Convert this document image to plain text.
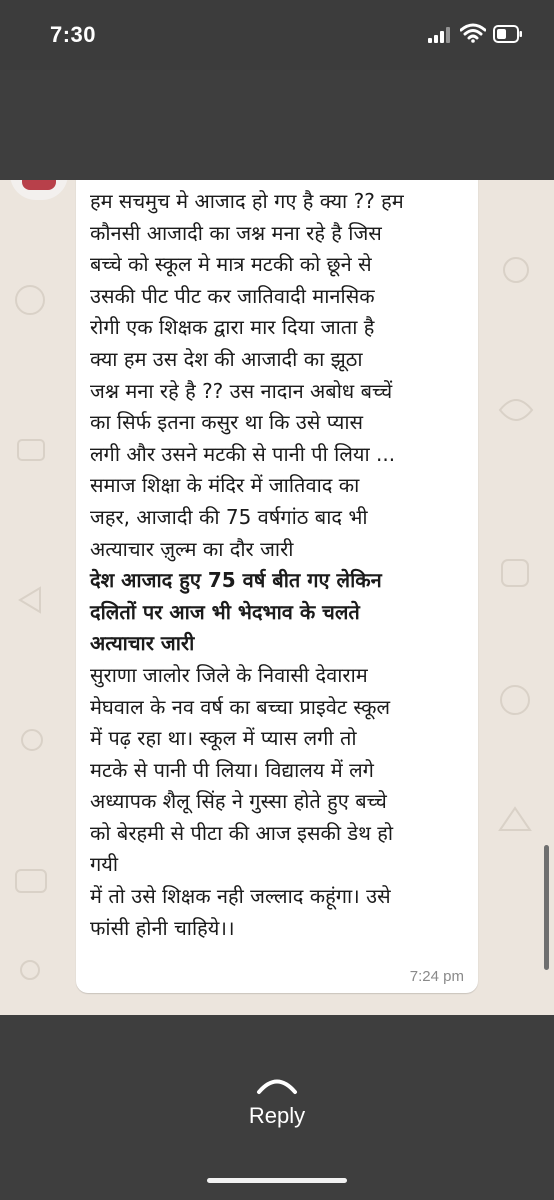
7:30
हम सचमुच मे आजाद हो गए है क्या ?? हम
कौनसी आजादी का जश्न मना रहे है जिस
बच्चे को स्कूल मे मात्र मटकी को छूने से
उसकी पीट पीट कर जातिवादी मानसिक
रोगी एक शिक्षक द्वारा मार दिया जाता है
क्या हम उस देश की आजादी का झूठा
जश्न मना रहे है ?? उस नादान अबोध बच्चें
का सिर्फ इतना कसुर था कि उसे प्यास
लगी और उसने मटकी से पानी पी लिया ...
समाज शिक्षा के मंदिर में जातिवाद का
जहर, आजादी की 75 वर्षगांठ बाद भी
अत्याचार ज़ुल्म का दौर जारी
देश आजाद हुए 75 वर्ष बीत गए लेकिन
दलितों पर आज भी भेदभाव के चलते
अत्याचार जारी
सुराणा जालोर जिले के निवासी देवाराम
मेघवाल के नव वर्ष का बच्चा प्राइवेट स्कूल
में पढ़ रहा था। स्कूल में प्यास लगी तो
मटके से पानी पी लिया। विद्यालय में लगे
अध्यापक शैलू सिंह ने गुस्सा होते हुए बच्चे
को बेरहमी से पीटा की आज इसकी डेथ हो
गयी
में तो उसे शिक्षक नही जल्लाद कहूंगा। उसे
फांसी होनी चाहिये।।
7:24 pm
Reply
